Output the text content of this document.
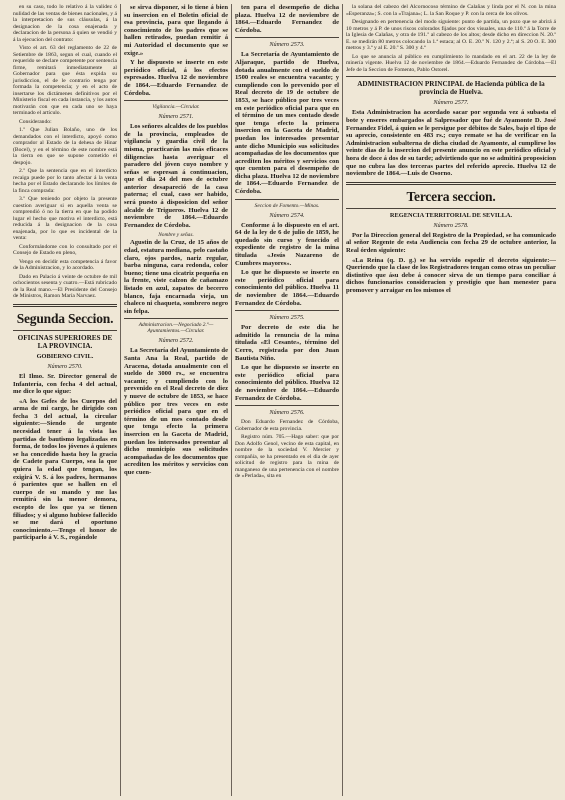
en su caso, todo lo relativo á la validez ó nulidad de las ventas de bienes nacionales, y á la interpretacion de sus cláusulas, á la designacion de la cosa enajenada y declaracion de la persona á quien se vendió y á la ejecucion del contrato:

Visto el art. 63 del reglamento de 22 de Setiembre de 1863, segun el cual, cuando el requerido se declare competente por sentencia firme, remitará inmediatamente al Gobernador para que ésta expida su jurisdiccion, el de le contrario tenga por formada la competencia; y en el acto de insertarse los dictámenes definitivos por el Ministerio fiscal en cada instancia, y los autos motivarán con que en cada uno se haya terminado el artículo.

Considerando:

1.º Que Julian Bolaño, uno de los demandados con el interdicto, apoyó como comprador al Estado de la dehesa de Hinar (Bocel), y en el término de este nombre está la tierra en que se supone cometido el despojo.

2.º Que la sentencia que en el interdicto recaiga puede por lo tanto afectar á la venta hecha por el Estado declarando los límites de la finca comprada:

3.º Que teniendo por objeto la presente cuestion averiguar si en aquella venta se comprendió ó no la tierra en que ha podido lugar el hecho que motiva el interdicto, está reducida á la designacion de la cosa enajenada, por lo que es incidental de la venta:

Conformándome con lo consultado por el Consejo de Estado en pleno,

Vengo en decidir esta competencia á favor de la Administracion, y lo acordado.

Dado en Palacio á veinte de octubre de mil ochocientos sesenta y cuatro.—Está rubricado de la Real mano.—El Presidente del Consejo de Ministros, Ramon María Narvaez.

Segunda Seccion.
OFICINAS SUPERIORES DE LA PROVINCIA.
GOBIERNO CIVIL.
Número 2570.

El Ilmo. Sr. Director general de Infantería, con fecha 4 del actual, me dice lo que sigue:

«A los Gefes de los Cuerpos del arma de mi cargo, he dirigido con fecha 3 del actual, la circular siguiente:—Siendo de urgente necesidad tener á la vista las partidas de bautismo legalizadas en forma, de todos los jóvenes á quienes se ha concedido hasta hoy la gracia de Cadete para Cuerpo, sea la que quiera la edad que tengan, los exigirá V. S. á los padres, hermanos ó parientes que se hallen en el cuerpo de su mando y me las remitirá sin la menor demora, escepto de los que ya se tienen filiados; y si alguno hubiese fallecido se me dará el oportuno conocimiento.—Tengo el honor de participarlo á V. S., rogándole

se sirva disponer, si lo tiene á bien su insercion en el Boletin oficial de esa provincia, para que llegando á conocimiento de los padres que se hallen retirados, puedan remitir á mi Autoridad el documento que se exige.»

Y he dispuesto se inserte en este periódico oficial, á los efectos espresados. Huelva 12 de noviembre de 1864.—Eduardo Fernandez de Córdoba.

Vigilancia.—Circular.
Número 2571.

Los señores alcaldes de los pueblos de la provincia, empleados de vigilancia y guardia civil de la misma, practicarán las más eficaces diligencias hasta averiguar el paradero del jóven cuyo nombre y señas se espresan á continuacion, que el dia 24 del mes de octubre anterior desapareció de la casa paterna; el cual, caso ser habido, será puesto á disposicion del señor alcalde de Trigueros. Huelva 12 de noviembre de 1864.—Eduardo Fernandez de Córdoba.

Nombre y señas.

Agustin de la Cruz, de 15 años de edad, estatura mediana, pelo castaño claro, ojos pardos, nariz regular, barba ninguna, cara redonda, color bueno; tiene una cicatriz pequeña en la frente, viste calzon de cañamazo listado en azul, zapatos de becerro blanco, faja encarnada vieja, un chaleco ni chaqueta, sombrero negro sin felpa.

Administracion.—Negociado 2.º—Ayuntamientos.—Circular.
Número 2572.

La Secretaría del Ayuntamiento de Santa Ana la Real, partido de Aracena, dotada anualmente con el sueldo de 3000 rs., se encuentra vacante; y cumpliendo con lo prevenido en el Real decreto de diez y nueve de octubre de 1853, se hace público por tres veces en este periódico oficial para que en el término de un mes contado desde que tenga efecto la primera insercion en la Gaceta de Madrid, puedan los interesados presentar al dicho municipio sus solicitudes acompañadas de los documentos que acrediten los méritos y servicios con que cuen-

ten para el desempeño de dicha plaza. Huelva 12 de noviembre de 1864.—Eduardo Fernandez de Córdoba.

Número 2573.

La Secretaría de Ayuntamiento de Aljaraque, partido de Huelva, dotada anualmente con el sueldo de 1500 reales se encuentra vacante; y cumpliendo con lo prevenido por el Real decreto de 19 de octubre de 1853, se hace público por tres veces en este periódico oficial para que en el término de un mes contado desde que tenga efecto la primera insercion en la Gaceta de Madrid, puedan los interesados presentar ante dicho Municipio sus solicitudes acompañadas de los documentos que acrediten los méritos y servicios con que cuenten para el desempeño de dicha plaza. Huelva 12 de noviembre de 1864.—Eduardo Fernandez de Córdoba.

Seccion de Fomento.—Minas.
Número 2574.

Conforme á lo dispuesto en el art. 64 de la ley de 6 de julio de 1859, he quedado sin curso y fenecido el expediente de registro de la mina titulada «Jesús Nazareno de Cumbres mayores».

Lo que he dispuesto se inserte en este periódico oficial para conocimiento del público. Huelva 11 de noviembre de 1864.—Eduardo Fernandez de Córdoba.

Número 2575.

Por decreto de este dia he admitido la renuncia de la mina titulada «El Cesante», término del Cerro, registrada por don Juan Bautista Niño.

Lo que he dispuesto se inserte en este periódico oficial para conocimiento del público. Huelva 12 de noviembre de 1864.—Eduardo Fernandez de Córdoba.

Número 2576.

Don Eduardo Fernandez de Córdoba, Gobernador de esta provincia.

Registro núm. 705.—Hago saber: que por Don Adolfo Genol, vecino de esta capital, en nombre de la sociedad V. Mercier y compañía, se ha presentado en el dia de ayer solicitud de registro para la mina de manganeso de una pertenencia con el nombre de «Perlada», sita en

la solana del cabezo del Alcornocoso término de Calañas y linda por el N. con la mina «Esperanza»; S. con la «Trajana»; L. la San Roque y P. con la cerca de los olivos.

Designando en pertenencia del modo siguiente: punto de partida, un pozo que se abrirá á 10 metros y á P. de unos riscos colorados fijados por dos visuales, una de 110.º á la Torre de la Iglesia de Calañas, y otra de 191.º al cabezo de los altos; desde dicho en direccion N. 20.º E. se medirán 80 metros colocando la 1.ª estaca; al O. E. 20.º N. 120 y 2.ª; al S. 20 O. E. 300 metros y 3.ª y al E. 20.º S. 300 y 4.ª

Lo que se anuncia al público en cumplimiento lo mandado en el art. 22 de la ley de minería vigente. Huelva 12 de noviembre de 1864.—Eduardo Fernandez de Córdoba.—El Jefe de la Seccion de Fomento, Pablo Ostorel.

ADMINISTRACION PRINCIPAL de Hacienda pública de la provincia de Huelva.
Número 2577.

Esta Administracion ha acordado sacar por segunda vez á subasta el bote y enseres embargados al Salpresador que fué de Ayamonte D. José Fernandez Fidel, á quien se le persigue por débitos de Sales, bajo el tipo de su aprecio, consistente en 483 rs.; cuyo remate se ha de verificar en la Administracion subalterna de dicha ciudad de Ayamonte, al cumplirse los veinte dias de la insercion del presente anuncio en este periódico oficial y hora de doce á dos de su tarde; advirtiendo que no se admitirá proposicion que no cubra las dos terceras partes del referido aprecio. Huelva 12 de noviembre de 1864.—Luis de Osorno.

Tercera seccion.
REGENCIA TERRITORIAL DE SEVILLA.
Número 2578.

Por la Direccion general del Registro de la Propiedad, se ha comunicado al señor Regente de esta Audiencia con fecha 29 de octubre anterior, la Real órden siguiente:

«La Reina (q. D. g.) se ha servido espedir el decreto siguiente:—Queriendo que la clase de los Registradores tengan como otras un peculiar distintivo que ásu debe á conocer sirva de un tiempo para conciliar á dichos funcionarios consideracion y prestigio que han menester para promover y arraigar en los mismos el
